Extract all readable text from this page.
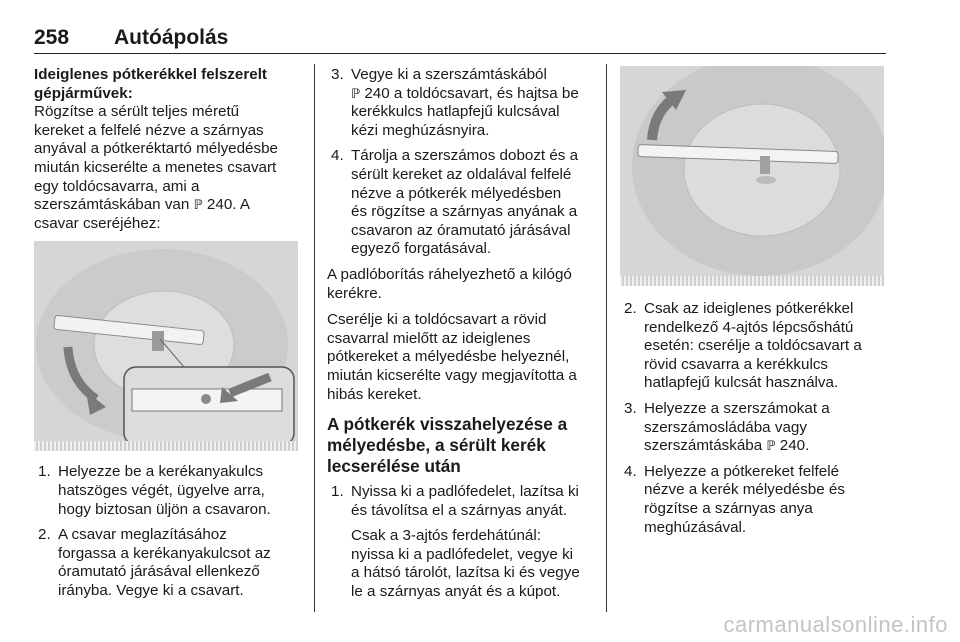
258 Autóápolás
Ideiglenes pótkerékkel felszerelt
gépjárművek:
Rögzítse a sérült teljes méretű
kereket a felfelé nézve a szárnyas
anyával a pótkeréktartó mélyedésbe
miután kicserélte a menetes csavart
egy toldócsavarra, ami a
szerszámtáskában van ℙ 240. A
csavar cseréjéhez:
1. Helyezze be a kerékanyakulcs
hatszöges végét, ügyelve arra,
hogy biztosan üljön a csavaron.
2. A csavar meglazításához
forgassa a kerékanyakulcsot az
óramutató járásával ellenkező
irányba. Vegye ki a csavart.
3. Vegye ki a szerszámtáskából
ℙ 240 a toldócsavart, és hajtsa be
kerékkulcs hatlapfejű kulcsával
kézi meghúzásnyira.
4. Tárolja a szerszámos dobozt és a
sérült kereket az oldalával felfelé
nézve a pótkerék mélyedésben
és rögzítse a szárnyas anyának a
csavaron az óramutató járásával
egyező forgatásával.
A padlóborítás ráhelyezhető a kilógó
kerékre.
Cserélje ki a toldócsavart a rövid
csavarral mielőtt az ideiglenes
pótkereket a mélyedésbe helyeznél,
miután kicserélte vagy megjavította a
hibás kereket.
A pótkerék visszahelyezése a
mélyedésbe, a sérült kerék
lecserélése után
1. Nyissa ki a padlófedelet, lazítsa ki
és távolítsa el a szárnyas anyát.
Csak a 3-ajtós ferdehátúnál:
nyissa ki a padlófedelet, vegye ki
a hátsó tárolót, lazítsa ki és vegye
le a szárnyas anyát és a kúpot.
2. Csak az ideiglenes pótkerékkel
rendelkező 4-ajtós lépcsőshátú
esetén: cserélje a toldócsavart a
rövid csavarra a kerékkulcs
hatlapfejű kulcsát használva.
3. Helyezze a szerszámokat a
szerszámosládába vagy
szerszámtáskába ℙ 240.
4. Helyezze a pótkereket felfelé
nézve a kerék mélyedésbe és
rögzítse a szárnyas anya
meghúzásával.
carmanualsonline.info
